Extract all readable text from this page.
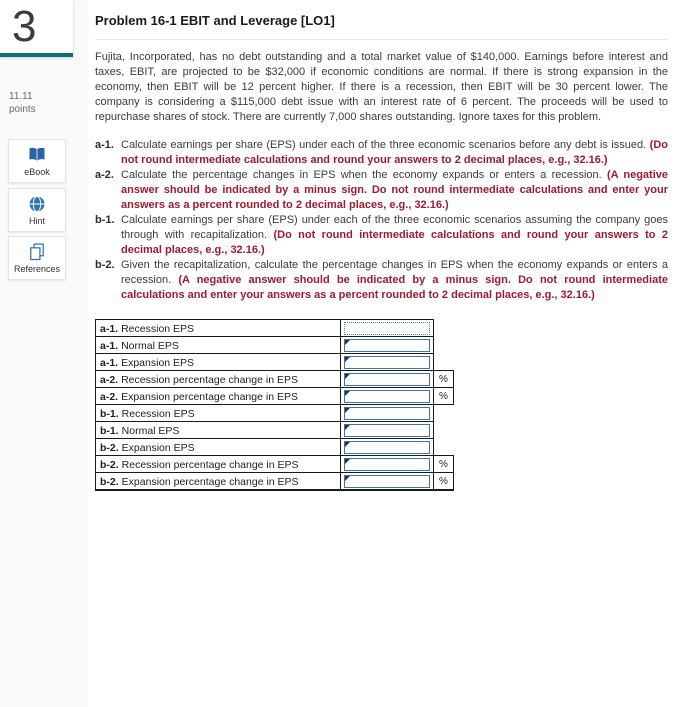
3
11.11
points
eBook
Hint
References
Problem 16-1 EBIT and Leverage [LO1]
Fujita, Incorporated, has no debt outstanding and a total market value of $140,000. Earnings before interest and taxes, EBIT, are projected to be $32,000 if economic conditions are normal. If there is strong expansion in the economy, then EBIT will be 12 percent higher. If there is a recession, then EBIT will be 30 percent lower. The company is considering a $115,000 debt issue with an interest rate of 6 percent. The proceeds will be used to repurchase shares of stock. There are currently 7,000 shares outstanding. Ignore taxes for this problem.
a-1. Calculate earnings per share (EPS) under each of the three economic scenarios before any debt is issued. (Do not round intermediate calculations and round your answers to 2 decimal places, e.g., 32.16.)
a-2. Calculate the percentage changes in EPS when the economy expands or enters a recession. (A negative answer should be indicated by a minus sign. Do not round intermediate calculations and enter your answers as a percent rounded to 2 decimal places, e.g., 32.16.)
b-1. Calculate earnings per share (EPS) under each of the three economic scenarios assuming the company goes through with recapitalization. (Do not round intermediate calculations and round your answers to 2 decimal places, e.g., 32.16.)
b-2. Given the recapitalization, calculate the percentage changes in EPS when the economy expands or enters a recession. (A negative answer should be indicated by a minus sign. Do not round intermediate calculations and enter your answers as a percent rounded to 2 decimal places, e.g., 32.16.)
a-1. Recession EPS
a-1. Normal EPS
a-1. Expansion EPS
a-2. Recession percentage change in EPS	%
a-2. Expansion percentage change in EPS	%
b-1. Recession EPS
b-1. Normal EPS
b-2. Expansion EPS
b-2. Recession percentage change in EPS	%
b-2. Expansion percentage change in EPS	%
